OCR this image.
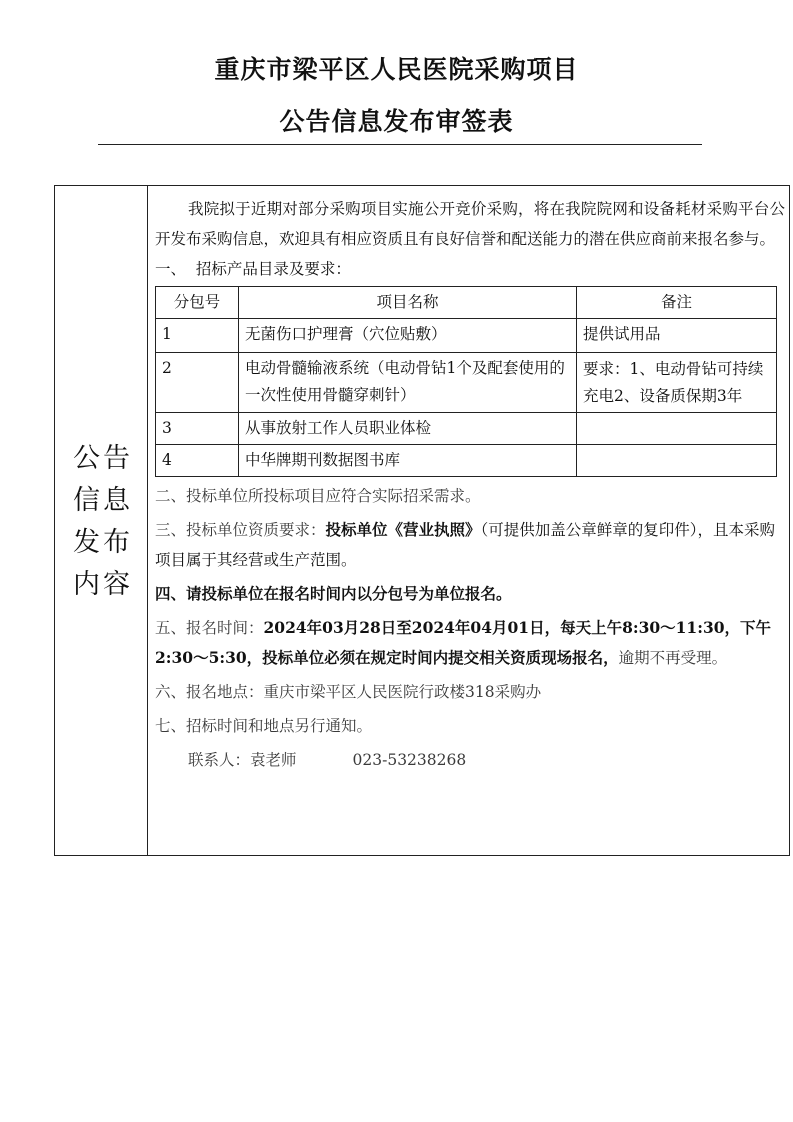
重庆市梁平区人民医院采购项目
公告信息发布审签表
公告信息发布内容
我院拟于近期对部分采购项目实施公开竞价采购，将在我院院网和设备耗材采购平台公开发布采购信息，欢迎具有相应资质且有良好信誉和配送能力的潜在供应商前来报名参与。
一、  招标产品目录及要求：
分包号	项目名称	备注
1	无菌伤口护理膏（穴位贴敷）	提供试用品
2	电动骨髓输液系统（电动骨钻1个及配套使用的一次性使用骨髓穿刺针）	要求：1、电动骨钻可持续充电2、设备质保期3年
3	从事放射工作人员职业体检	
4	中华牌期刊数据图书库	
二、投标单位所投标项目应符合实际招采需求。
三、投标单位资质要求：投标单位《营业执照》（可提供加盖公章鲜章的复印件），且本采购项目属于其经营或生产范围。
四、请投标单位在报名时间内以分包号为单位报名。
五、报名时间：2024年03月28日至2024年04月01日，每天上午8:30～11:30，下午2:30～5:30，投标单位必须在规定时间内提交相关资质现场报名，逾期不再受理。
六、报名地点：重庆市梁平区人民医院行政楼318采购办
七、招标时间和地点另行通知。
联系人：袁老师	023-53238268
